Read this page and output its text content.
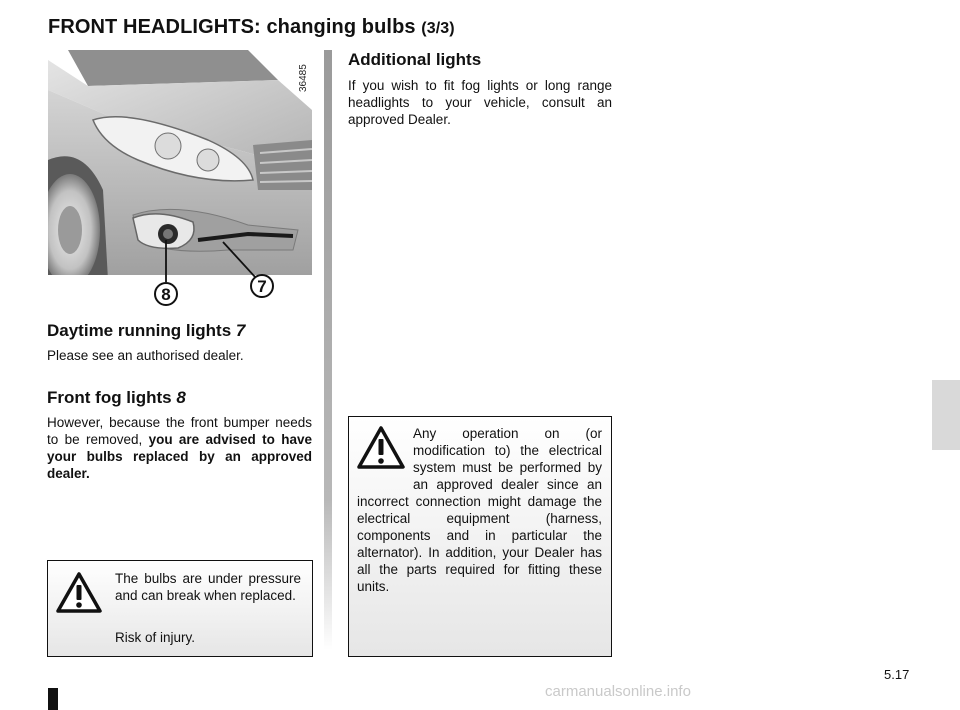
FRONT HEADLIGHTS: changing bulbs (3/3)
36485
8	7
Daytime running lights 7
Please see an authorised dealer.
Front fog lights 8
However, because the front bumper needs to be removed, you are advised to have your bulbs replaced by an approved dealer.
The bulbs are under pressure and can break when replaced.
Risk of injury.
Additional lights
If you wish to fit fog lights or long range headlights to your vehicle, consult an approved Dealer.
Any operation on (or modification to) the electrical system must be performed by an approved dealer since an incorrect connection might damage the electrical equipment (harness, components and in particular the alternator). In addition, your Dealer has all the parts required for fitting these units.
5.17
carmanualsonline.info
